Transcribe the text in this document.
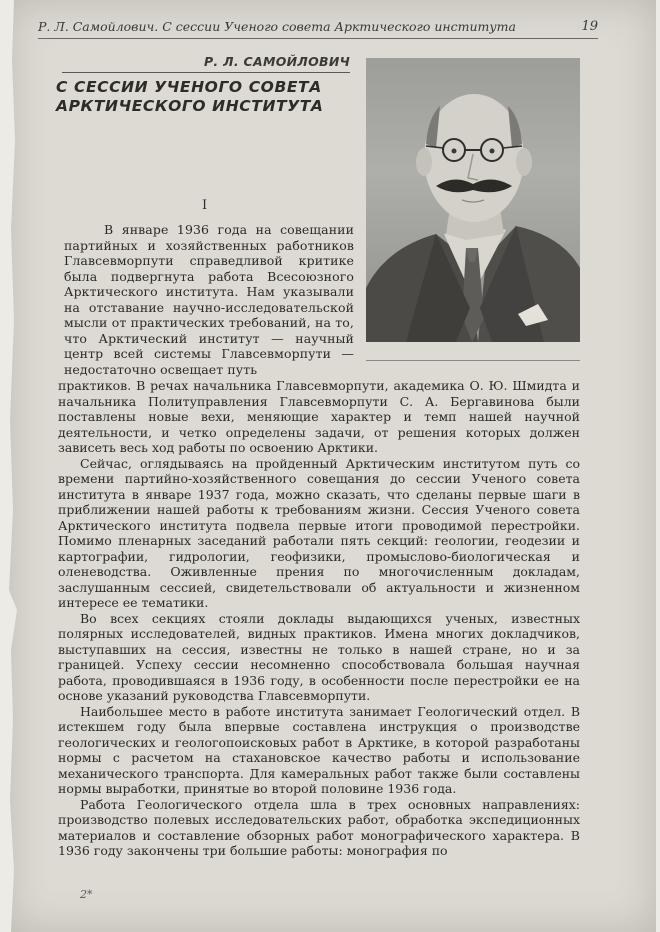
Р. Л. Самойлович. С сессии Ученого совета Арктического института	19
Р. Л. САМОЙЛОВИЧ
С СЕССИИ УЧЕНОГО СОВЕТА АРКТИЧЕСКОГО ИНСТИТУТА
I

В январе 1936 года на совещании партийных и хозяйственных работников Главсевморпути справедливой критике была подвергнута работа Всесоюзного Арктического института. Нам указывали на отставание научно-исследовательской мысли от практических требований, на то, что Арктический институт — научный центр всей системы Главсевморпути — недостаточно освещает путь

практиков. В речах начальника Главсевморпути, академика О. Ю. Шмидта и начальника Политуправления Главсевморпути С. А. Бергавинова были поставлены новые вехи, меняющие характер и темп нашей научной деятельности, и четко определены задачи, от решения которых должен зависеть весь ход работы по освоению Арктики.

Сейчас, оглядываясь на пройденный Арктическим институтом путь со времени партийно-хозяйственного совещания до сессии Ученого совета института в январе 1937 года, можно сказать, что сделаны первые шаги в приближении нашей работы к требованиям жизни. Сессия Ученого совета Арктического института подвела первые итоги проводимой перестройки. Помимо пленарных заседаний работали пять секций: геологии, геодезии и картографии, гидрологии, геофизики, промыслово-биологическая и оленеводства. Оживленные прения по многочисленным докладам, заслушанным сессией, свидетельствовали об актуальности и жизненном интересе ее тематики.

Во всех секциях стояли доклады выдающихся ученых, известных полярных исследователей, видных практиков. Имена многих докладчиков, выступавших на сессия, известны не только в нашей стране, но и за границей. Успеху сессии несомненно способствовала большая научная работа, проводившаяся в 1936 году, в особенности после перестройки ее на основе указаний руководства Главсевморпути.

Наибольшее место в работе института занимает Геологический отдел. В истекшем году была впервые составлена инструкция о производстве геологических и геологопоисковых работ в Арктике, в которой разработаны нормы с расчетом на стахановское качество работы и использование механического транспорта. Для камеральных работ также были составлены нормы выработки, принятые во второй половине 1936 года.

Работа Геологического отдела шла в трех основных направлениях: производство полевых исследовательских работ, обработка экспедиционных материалов и составление обзорных работ монографического характера. В 1936 году закончены три большие работы: монография по

2*
